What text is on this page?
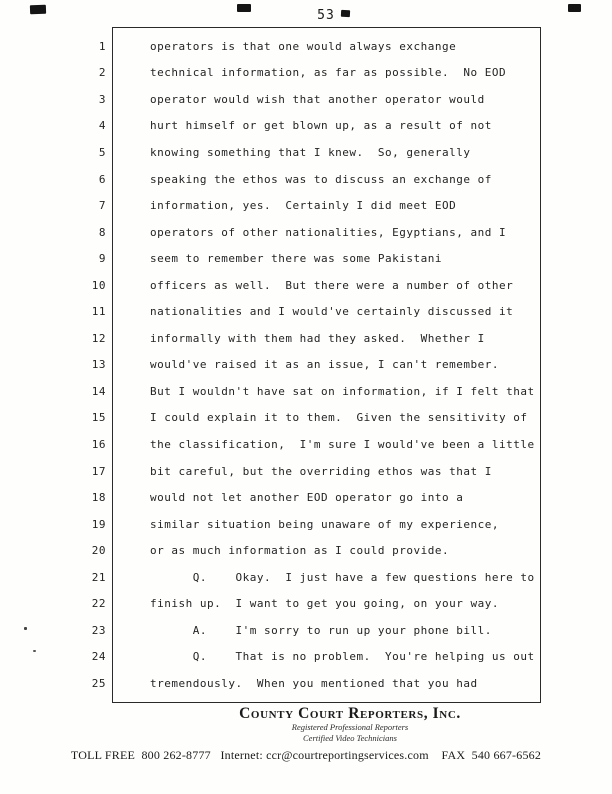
53
1	operators is that one would always exchange
2	technical information, as far as possible.  No EOD
3	operator would wish that another operator would
4	hurt himself or get blown up, as a result of not
5	knowing something that I knew.  So, generally
6	speaking the ethos was to discuss an exchange of
7	information, yes.  Certainly I did meet EOD
8	operators of other nationalities, Egyptians, and I
9	seem to remember there was some Pakistani
10	officers as well.  But there were a number of other
11	nationalities and I would've certainly discussed it
12	informally with them had they asked.  Whether I
13	would've raised it as an issue, I can't remember.
14	But I wouldn't have sat on information, if I felt that
15	I could explain it to them.  Given the sensitivity of
16	the classification,  I'm sure I would've been a little
17	bit careful, but the overriding ethos was that I
18	would not let another EOD operator go into a
19	similar situation being unaware of my experience,
20	or as much information as I could provide.
21	Q.    Okay.  I just have a few questions here to
22	finish up.  I want to get you going, on your way.
23	A.    I'm sorry to run up your phone bill.
24	Q.    That is no problem.  You're helping us out
25	tremendously.  When you mentioned that you had
County Court Reporters, Inc.
Registered Professional Reporters
Certified Video Technicians
TOLL FREE  800 262-8777   Internet: ccr@courtreportingservices.com    FAX  540 667-6562
